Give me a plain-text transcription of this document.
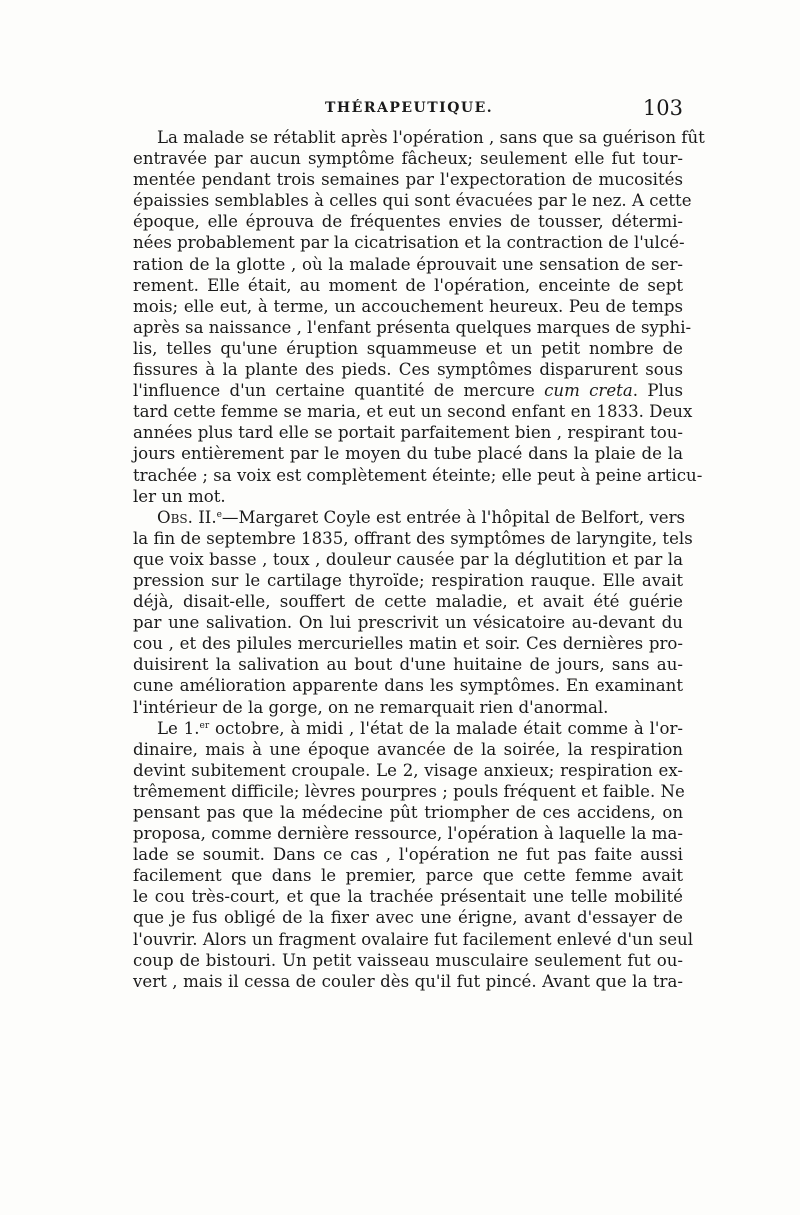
THÉRAPEUTIQUE.	103
La malade se rétablit après l'opération , sans que sa guérison fût
entravée par aucun symptôme fâcheux; seulement elle fut tour-
mentée pendant trois semaines par l'expectoration de mucosités
épaissies semblables à celles qui sont évacuées par le nez. A cette
époque, elle éprouva de fréquentes envies de tousser, détermi-
nées probablement par la cicatrisation et la contraction de l'ulcé-
ration de la glotte , où la malade éprouvait une sensation de ser-
rement. Elle était, au moment de l'opération, enceinte de sept
mois; elle eut, à terme, un accouchement heureux. Peu de temps
après sa naissance , l'enfant présenta quelques marques de syphi-
lis, telles qu'une éruption squammeuse et un petit nombre de
fissures à la plante des pieds. Ces symptômes disparurent sous
l'influence d'un certaine quantité de mercure cum creta. Plus
tard cette femme se maria, et eut un second enfant en 1833. Deux
années plus tard elle se portait parfaitement bien , respirant tou-
jours entièrement par le moyen du tube placé dans la plaie de la
trachée ; sa voix est complètement éteinte; elle peut à peine articu-
ler un mot.
Obs. II.$^e$—Margaret Coyle est entrée à l'hôpital de Belfort, vers
la fin de septembre 1835, offrant des symptômes de laryngite, tels
que voix basse , toux , douleur causée par la déglutition et par la
pression sur le cartilage thyroïde; respiration rauque. Elle avait
déjà, disait-elle, souffert de cette maladie, et avait été guérie
par une salivation. On lui prescrivit un vésicatoire au-devant du
cou , et des pilules mercurielles matin et soir. Ces dernières pro-
duisirent la salivation au bout d'une huitaine de jours, sans au-
cune amélioration apparente dans les symptômes. En examinant
l'intérieur de la gorge, on ne remarquait rien d'anormal.
Le 1.$^{er}$ octobre, à midi , l'état de la malade était comme à l'or-
dinaire, mais à une époque avancée de la soirée, la respiration
devint subitement croupale. Le 2, visage anxieux; respiration ex-
trêmement difficile; lèvres pourpres ; pouls fréquent et faible. Ne
pensant pas que la médecine pût triompher de ces accidens, on
proposa, comme dernière ressource, l'opération à laquelle la ma-
lade se soumit. Dans ce cas , l'opération ne fut pas faite aussi
facilement que dans le premier, parce que cette femme avait
le cou très-court, et que la trachée présentait une telle mobilité
que je fus obligé de la fixer avec une érigne, avant d'essayer de
l'ouvrir. Alors un fragment ovalaire fut facilement enlevé d'un seul
coup de bistouri. Un petit vaisseau musculaire seulement fut ou-
vert , mais il cessa de couler dès qu'il fut pincé. Avant que la tra-
